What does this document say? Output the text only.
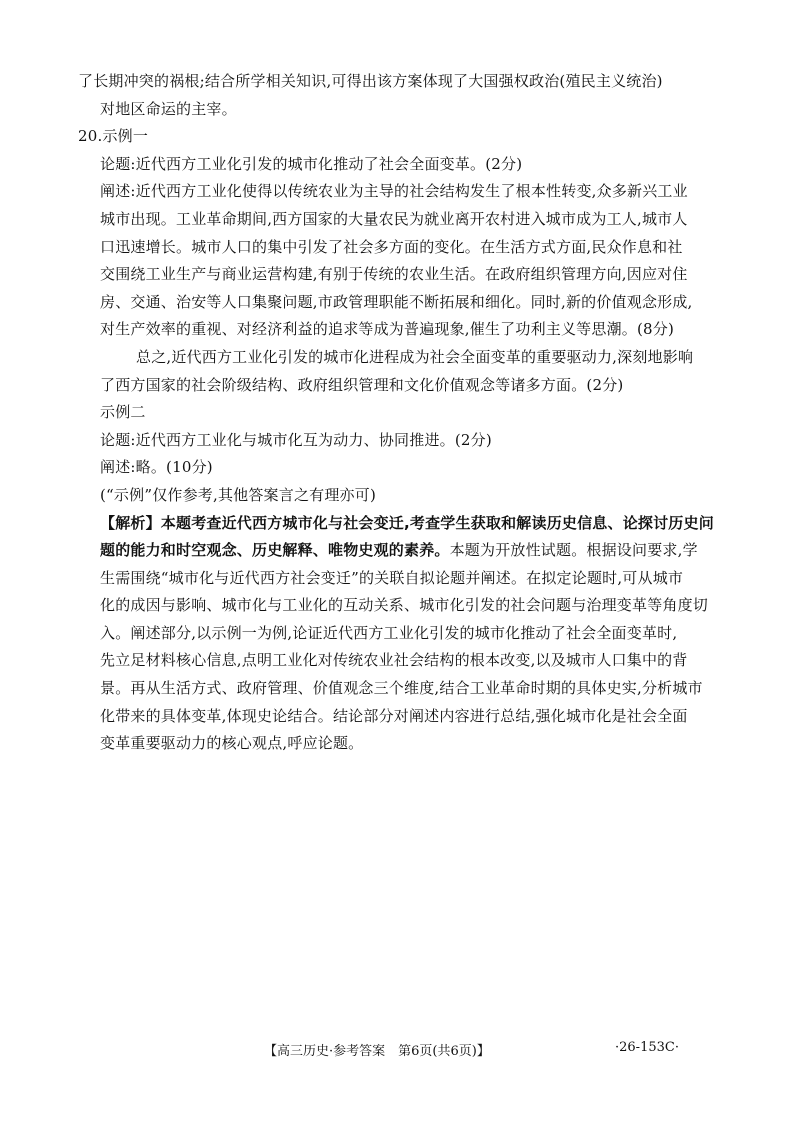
了长期冲突的祸根;结合所学相关知识,可得出该方案体现了大国强权政治(殖民主义统治)
对地区命运的主宰。
20.示例一
论题:近代西方工业化引发的城市化推动了社会全面变革。(2分)
阐述:近代西方工业化使得以传统农业为主导的社会结构发生了根本性转变,众多新兴工业
城市出现。工业革命期间,西方国家的大量农民为就业离开农村进入城市成为工人,城市人
口迅速增长。城市人口的集中引发了社会多方面的变化。在生活方式方面,民众作息和社
交围绕工业生产与商业运营构建,有别于传统的农业生活。在政府组织管理方向,因应对住
房、交通、治安等人口集聚问题,市政管理职能不断拓展和细化。同时,新的价值观念形成,
对生产效率的重视、对经济利益的追求等成为普遍现象,催生了功利主义等思潮。(8分)
总之,近代西方工业化引发的城市化进程成为社会全面变革的重要驱动力,深刻地影响
了西方国家的社会阶级结构、政府组织管理和文化价值观念等诸多方面。(2分)
示例二
论题:近代西方工业化与城市化互为动力、协同推进。(2分)
阐述:略。(10分)
(“示例”仅作参考,其他答案言之有理亦可)
【解析】本题考查近代西方城市化与社会变迁,考查学生获取和解读历史信息、论探讨历史问
题的能力和时空观念、历史解释、唯物史观的素养。本题为开放性试题。根据设问要求,学
生需围绕“城市化与近代西方社会变迁”的关联自拟论题并阐述。在拟定论题时,可从城市
化的成因与影响、城市化与工业化的互动关系、城市化引发的社会问题与治理变革等角度切
入。阐述部分,以示例一为例,论证近代西方工业化引发的城市化推动了社会全面变革时,
先立足材料核心信息,点明工业化对传统农业社会结构的根本改变,以及城市人口集中的背
景。再从生活方式、政府管理、价值观念三个维度,结合工业革命时期的具体史实,分析城市
化带来的具体变革,体现史论结合。结论部分对阐述内容进行总结,强化城市化是社会全面
变革重要驱动力的核心观点,呼应论题。
【高三历史·参考答案　第6页(共6页)】	·26-153C·
